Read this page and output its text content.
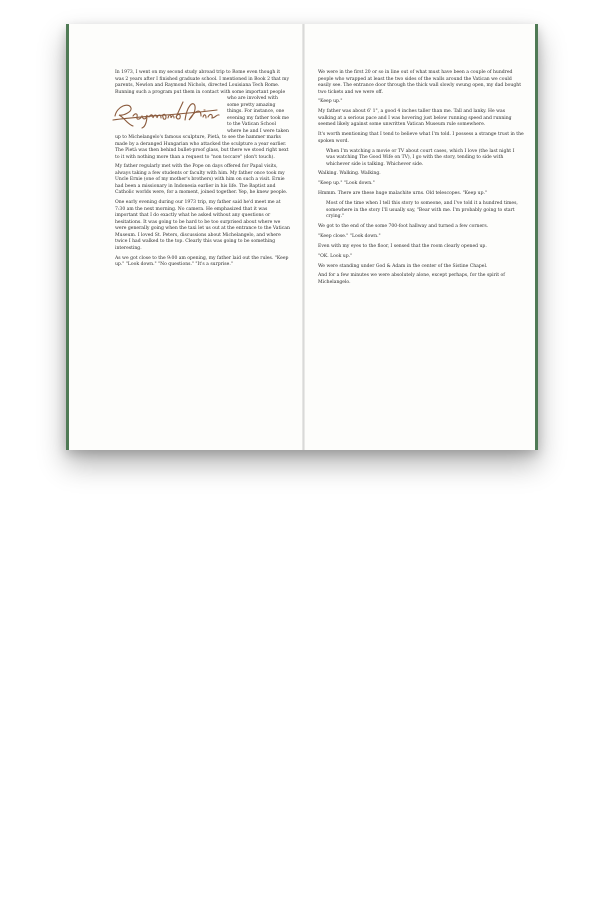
In 1973, I went on my second study abroad trip to Rome even though it was 2 years after I finished graduate school. I mentioned in Book 2 that my parents, Newlon and Raymond Nichols, directed Louisiana Tech Rome. Running such a program put them in contact with some important
people who are involved with some pretty amazing things. For instance, one evening my father took me to the Vatican School where he and I were taken up to Michelangelo's famous sculpture, Pietà, to see the hammer marks made by a deranged Hungarian who attacked the sculpture a year earlier. The Pietà was then behind bullet-proof glass, but there we stood right next to it with nothing more than a request to "non toccare" (don't touch).

My father regularly met with the Pope on days offered for Papal visits, always taking a few students or faculty with him. My father once took my Uncle Ernie (one of my mother's brothers) with him on such a visit. Ernie had been a missionary in Indonesia earlier in his life. The Baptist and Catholic worlds were, for a moment, joined together. Yep, he knew people.

One early evening during our 1973 trip, my father said he'd meet me at 7:30 am the next morning. No camera. He emphasized that it was important that I do exactly what he asked without any questions or hesitations. It was going to be hard to be too surprised about where we were generally going when the taxi let us out at the entrance to the Vatican Museum. I loved St. Peters, discussions about Michelangelo, and where twice I had walked to the top. Clearly this was going to be something interesting.

As we got close to the 9:00 am opening, my father laid out the rules. "Keep up." "Look down." "No questions." "It's a surprise."

We were in the first 20 or so in line out of what must have been a couple of hundred people who wrapped at least the two sides of the walls around the Vatican we could easily see. The entrance door through the thick wall slowly swung open, my dad bought two tickets and we were off.

"Keep up."

My father was about 6' 1", a good 4 inches taller than me. Tall and lanky. He was walking at a serious pace and I was hovering just below running speed and running seemed likely against some unwritten Vatican Museum rule somewhere.

It's worth mentioning that I tend to believe what I'm told. I possess a strange trust in the spoken word.

When I'm watching a movie or TV about court cases, which I love (the last night I was watching The Good Wife on TV), I go with the story, tending to side with whichever side is talking. Whichever side.

Walking. Walking. Walking.

"Keep up." "Look down."

Hmmm. There are these huge malachite urns. Old telescopes. "Keep up."

Most of the time when I tell this story to someone, and I've told it a hundred times, somewhere in the story I'll usually say, "Bear with me. I'm probably going to start crying."

We got to the end of the some 700-foot hallway and turned a few corners.

"Keep close." "Look down."

Even with my eyes to the floor, I sensed that the room clearly opened up.

"OK. Look up."

We were standing under God & Adam in the center of the Sistine Chapel.

And for a few minutes we were absolutely alone, except perhaps, for the spirit of Michelangelo.
